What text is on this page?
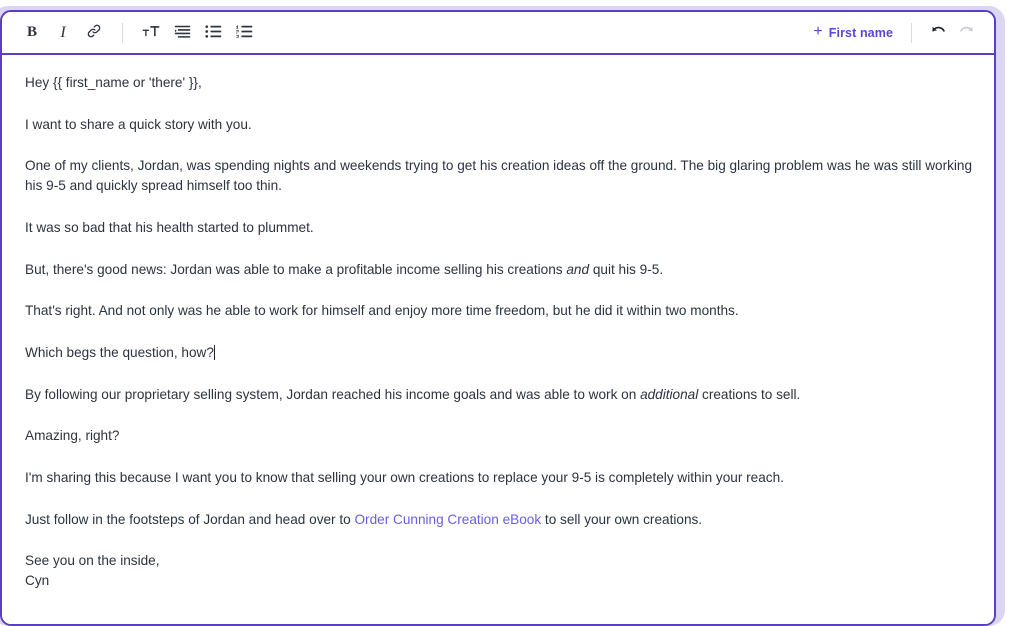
B I	+ First name

Hey {{ first_name or 'there' }},

I want to share a quick story with you.

One of my clients, Jordan, was spending nights and weekends trying to get his creation ideas off the ground. The big glaring problem was he was still working his 9-5 and quickly spread himself too thin.

It was so bad that his health started to plummet.

But, there's good news: Jordan was able to make a profitable income selling his creations and quit his 9-5.

That's right. And not only was he able to work for himself and enjoy more time freedom, but he did it within two months.

Which begs the question, how?

By following our proprietary selling system, Jordan reached his income goals and was able to work on additional creations to sell.

Amazing, right?

I'm sharing this because I want you to know that selling your own creations to replace your 9-5 is completely within your reach.

Just follow in the footsteps of Jordan and head over to Order Cunning Creation eBook to sell your own creations.

See you on the inside,
Cyn
